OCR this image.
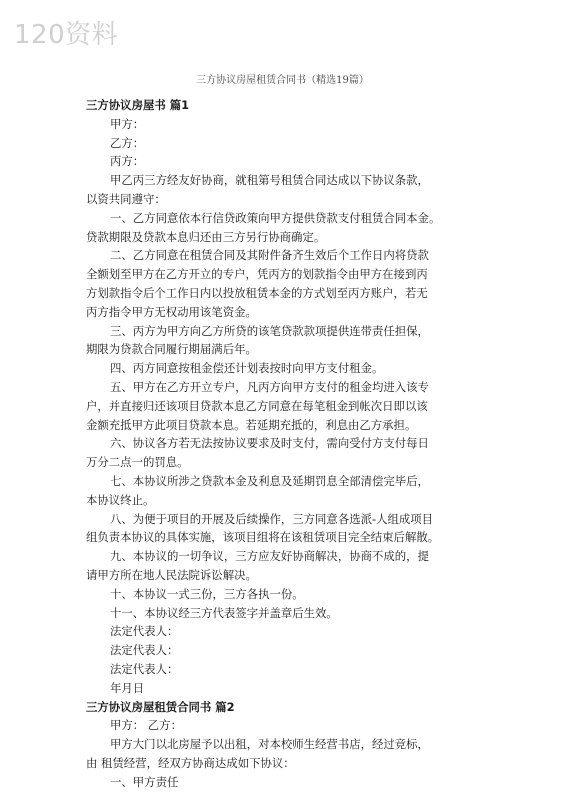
120资料
三方协议房屋租赁合同书（精选19篇）
三方协议房屋书 篇1
甲方：
乙方：
丙方：
甲乙丙三方经友好协商，就租第号租赁合同达成以下协议条款，
以资共同遵守：
一、乙方同意依本行信贷政策向甲方提供贷款支付租赁合同本金。
贷款期限及贷款本息归还由三方另行协商确定。
二、乙方同意在租赁合同及其附件备齐生效后个工作日内将贷款
全额划至甲方在乙方开立的专户，凭丙方的划款指令由甲方在接到丙
方划款指令后个工作日内以投放租赁本金的方式划至丙方账户，若无
丙方指令甲方无权动用该笔资金。
三、丙方为甲方向乙方所贷的该笔贷款款项提供连带责任担保，
期限为贷款合同履行期届满后年。
四、丙方同意按租金偿还计划表按时向甲方支付租金。
五、甲方在乙方开立专户，凡丙方向甲方支付的租金均进入该专
户，并直接归还该项目贷款本息乙方同意在每笔租金到帐次日即以该
金额充抵甲方此项目贷款本息。若延期充抵的，利息由乙方承担。
六、协议各方若无法按协议要求及时支付，需向受付方支付每日
万分二点一的罚息。
七、本协议所涉之贷款本金及利息及延期罚息全部清偿完毕后，
本协议终止。
八、为便于项目的开展及后续操作，三方同意各选派-人组成项目
组负责本协议的具体实施，该项目组将在该租赁项目完全结束后解散。
九、本协议的一切争议，三方应友好协商解决，协商不成的，提
请甲方所在地人民法院诉讼解决。
十、本协议一式三份，三方各执一份。
十一、本协议经三方代表签字并盖章后生效。
法定代表人：
法定代表人：
法定代表人：
年月日
三方协议房屋租赁合同书 篇2
甲方： 乙方：
甲方大门以北房屋予以出租，对本校师生经营书店，经过竞标，
由 租赁经营，经双方协商达成如下协议：
一、甲方责任
